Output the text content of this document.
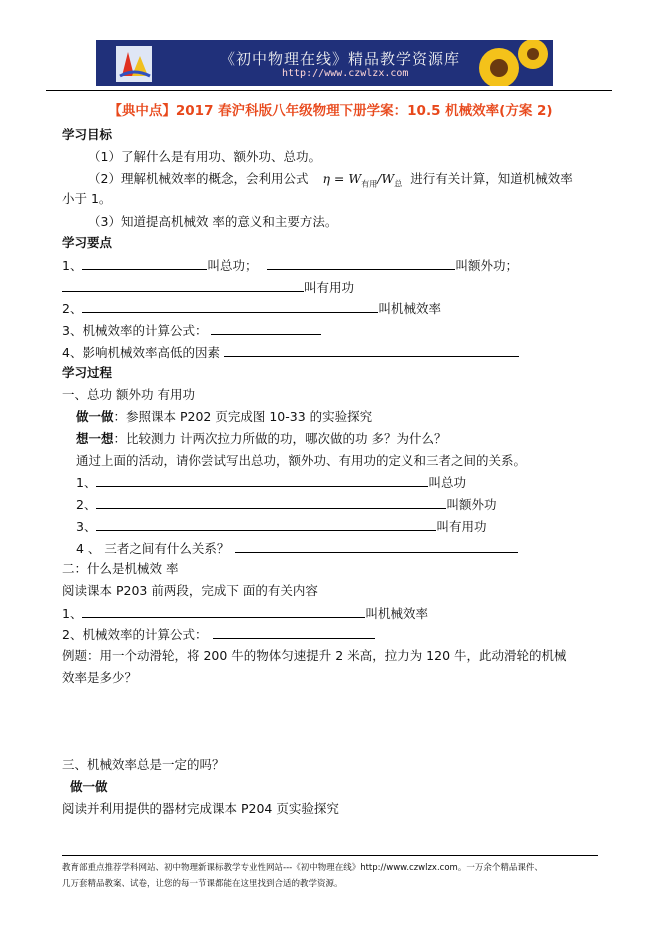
《初中物理在线》精品教学资源库
http://www.czwlzx.com
【典中点】2017 春沪科版八年级物理下册学案：10.5 机械效率(方案 2)
学习目标
（1）了解什么是有用功、额外功、总功。
（2）理解机械效率的概念，会利用公式 $\eta = W_{有用}/W_总$ 进行有关计算，知道机械效率
小于 1。
（3）知道提高机械效 率的意义和主要方法。
学习要点
1、	叫总功；	叫额外功；
叫有用功
2、	叫机械效率
3、机械效率的计算公式：
4、影响机械效率高低的因素
学习过程
一、总功 额外功 有用功
做一做：参照课本 P202 页完成图 10-33 的实验探究
想一想：比较测力 计两次拉力所做的功，哪次做的功 多？为什么？
通过上面的活动，请你尝试写出总功，额外功、有用功的定义和三者之间的关系。
1、	叫总功
2、	叫额外功
3、	叫有用功
4 、 三者之间有什么关系？
二：什么是机械效 率
阅读课本 P203 前两段，完成下 面的有关内容
1、	叫机械效率
2、机械效率的计算公式：
例题：用一个动滑轮，将 200 牛的物体匀速提升 2 米高，拉力为 120 牛，此动滑轮的机械
效率是多少？
三、机械效率总是一定的吗？
做一做
阅读并利用提供的器材完成课本 P204 页实验探究
教育部重点推荐学科网站、初中物理新课标教学专业性网站---《初中物理在线》http://www.czwlzx.com。一万余个精品课件、
几万套精品教案、试卷，让您的每一节课都能在这里找到合适的教学资源。
